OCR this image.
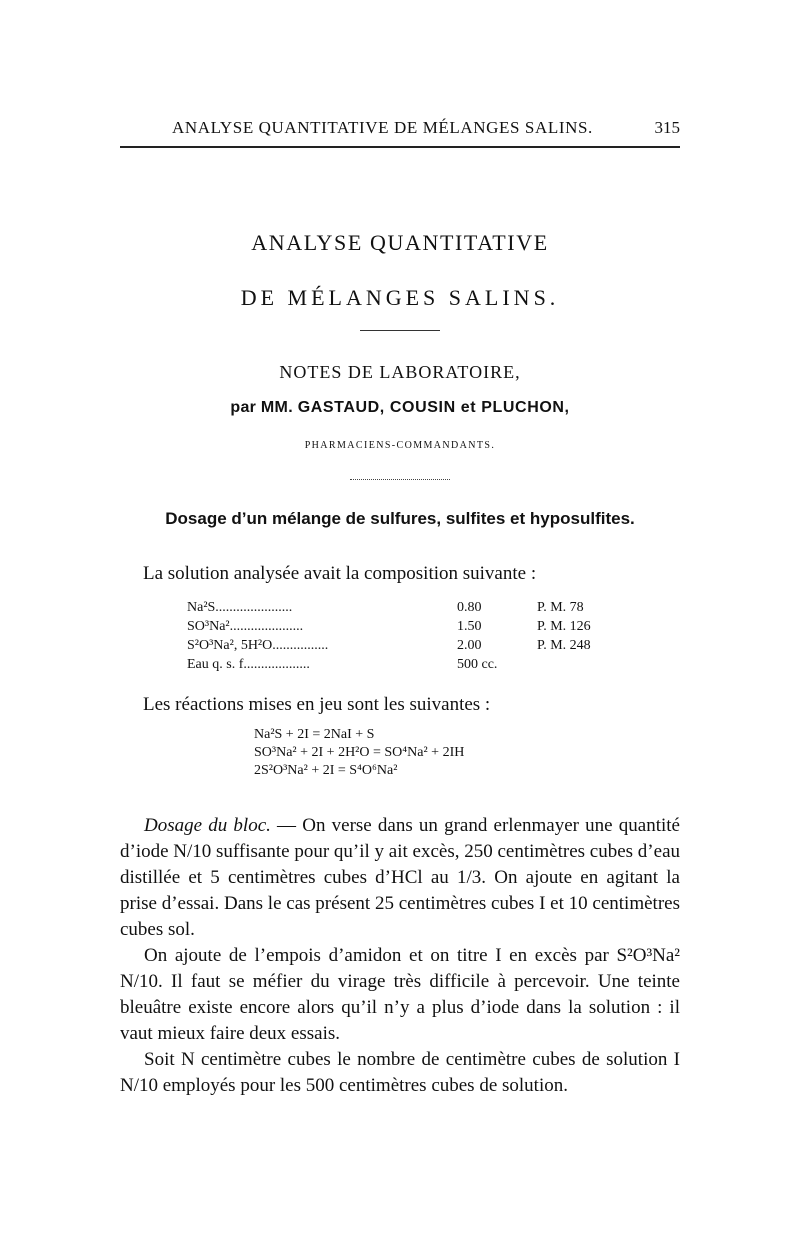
ANALYSE QUANTITATIVE DE MÉLANGES SALINS.	315
ANALYSE QUANTITATIVE
DE MÉLANGES SALINS.
NOTES DE LABORATOIRE,
par MM. GASTAUD, COUSIN et PLUCHON,
PHARMACIENS-COMMANDANTS.
Dosage d’un mélange de sulfures, sulfites et hyposulfites.
La solution analysée avait la composition suivante :
Na²S......................	0.80	P. M. 78
SO³Na².....................	1.50	P. M. 126
S²O³Na², 5H²O................	2.00	P. M. 248
Eau q. s. f...................	500 cc.
Les réactions mises en jeu sont les suivantes :
Na²S + 2I = 2NaI + S
SO³Na² + 2I + 2H²O = SO⁴Na² + 2IH
2S²O³Na² + 2I = S⁴O⁶Na²
Dosage du bloc. — On verse dans un grand erlenmayer une quantité d’iode N/10 suffisante pour qu’il y ait excès, 250 centimètres cubes d’eau distillée et 5 centimètres cubes d’HCl au 1/3. On ajoute en agitant la prise d’essai. Dans le cas présent 25 centimètres cubes I et 10 centimètres cubes sol.
On ajoute de l’empois d’amidon et on titre I en excès par S²O³Na² N/10. Il faut se méfier du virage très difficile à percevoir. Une teinte bleuâtre existe encore alors qu’il n’y a plus d’iode dans la solution : il vaut mieux faire deux essais.
Soit N centimètre cubes le nombre de centimètre cubes de solution I N/10 employés pour les 500 centimètres cubes de solution.
